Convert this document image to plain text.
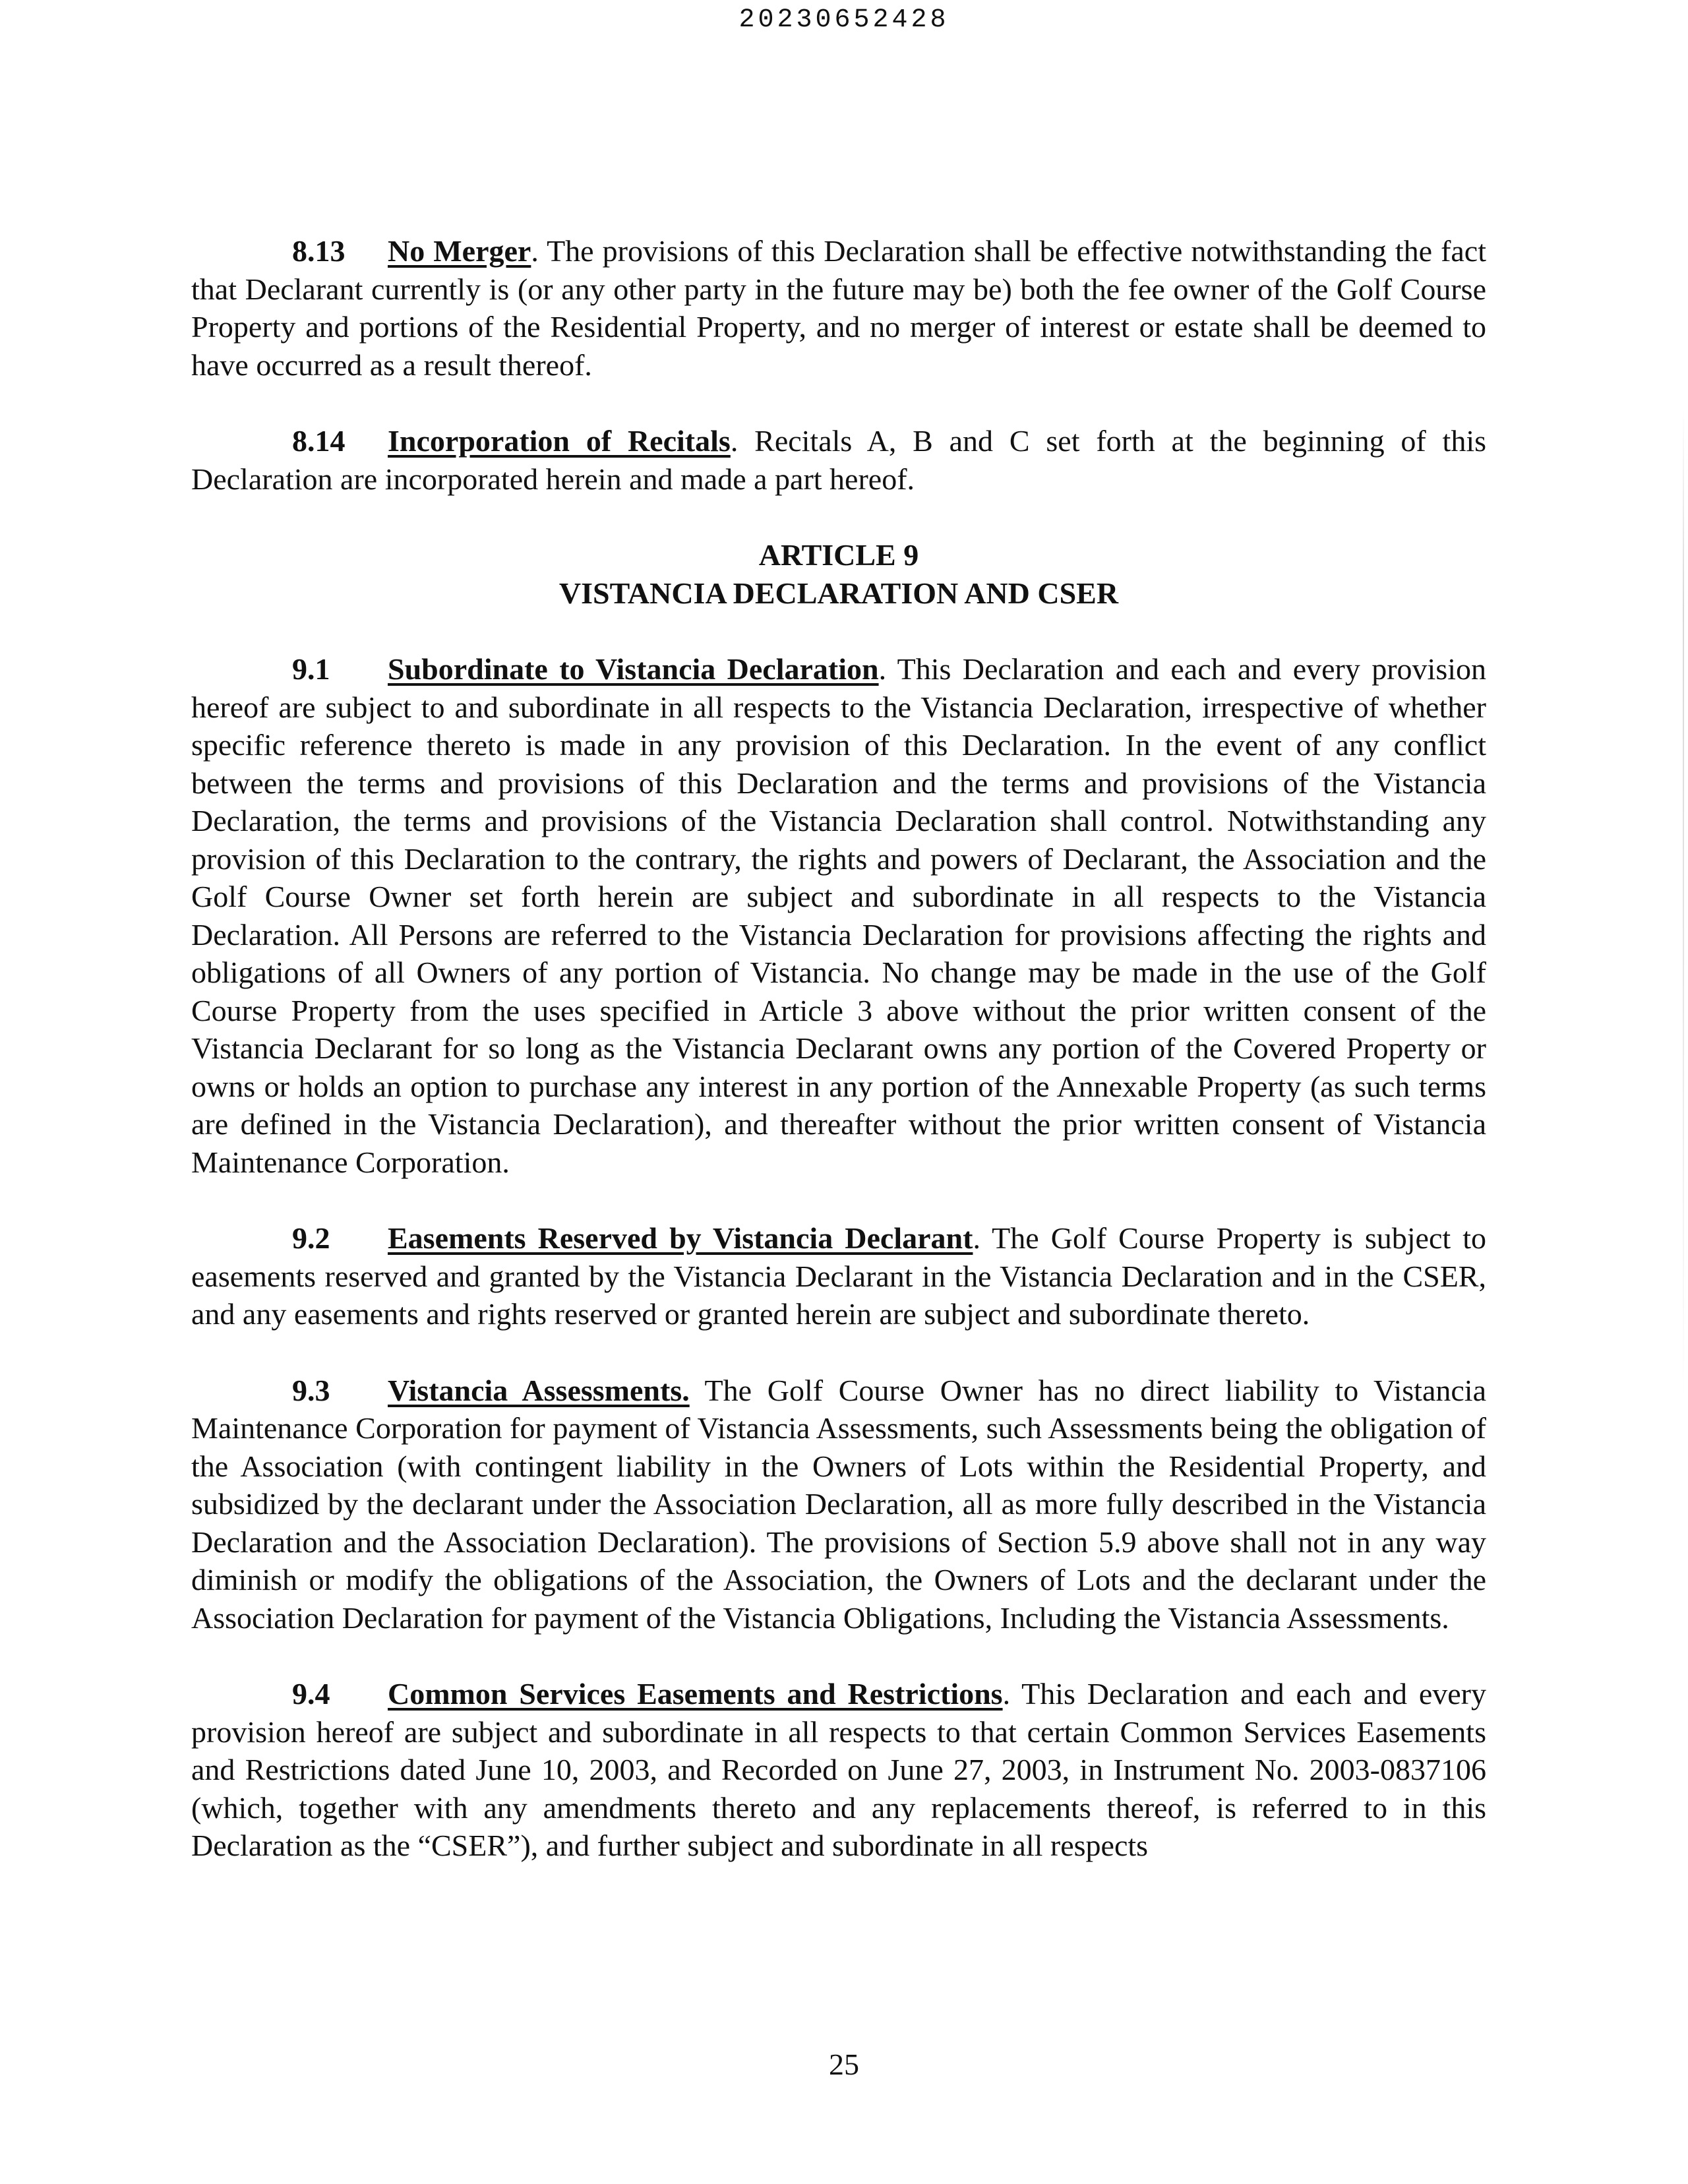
20230652428

8.13 No Merger. The provisions of this Declaration shall be effective notwithstanding the fact that Declarant currently is (or any other party in the future may be) both the fee owner of the Golf Course Property and portions of the Residential Property, and no merger of interest or estate shall be deemed to have occurred as a result thereof.

8.14 Incorporation of Recitals. Recitals A, B and C set forth at the beginning of this Declaration are incorporated herein and made a part hereof.

ARTICLE 9
VISTANCIA DECLARATION AND CSER

9.1 Subordinate to Vistancia Declaration. This Declaration and each and every provision hereof are subject to and subordinate in all respects to the Vistancia Declaration, irrespective of whether specific reference thereto is made in any provision of this Declaration. In the event of any conflict between the terms and provisions of this Declaration and the terms and provisions of the Vistancia Declaration, the terms and provisions of the Vistancia Declaration shall control. Notwithstanding any provision of this Declaration to the contrary, the rights and powers of Declarant, the Association and the Golf Course Owner set forth herein are subject and subordinate in all respects to the Vistancia Declaration. All Persons are referred to the Vistancia Declaration for provisions affecting the rights and obligations of all Owners of any portion of Vistancia. No change may be made in the use of the Golf Course Property from the uses specified in Article 3 above without the prior written consent of the Vistancia Declarant for so long as the Vistancia Declarant owns any portion of the Covered Property or owns or holds an option to purchase any interest in any portion of the Annexable Property (as such terms are defined in the Vistancia Declaration), and thereafter without the prior written consent of Vistancia Maintenance Corporation.

9.2 Easements Reserved by Vistancia Declarant. The Golf Course Property is subject to easements reserved and granted by the Vistancia Declarant in the Vistancia Declaration and in the CSER, and any easements and rights reserved or granted herein are subject and subordinate thereto.

9.3 Vistancia Assessments. The Golf Course Owner has no direct liability to Vistancia Maintenance Corporation for payment of Vistancia Assessments, such Assessments being the obligation of the Association (with contingent liability in the Owners of Lots within the Residential Property, and subsidized by the declarant under the Association Declaration, all as more fully described in the Vistancia Declaration and the Association Declaration). The provisions of Section 5.9 above shall not in any way diminish or modify the obligations of the Association, the Owners of Lots and the declarant under the Association Declaration for payment of the Vistancia Obligations, Including the Vistancia Assessments.

9.4 Common Services Easements and Restrictions. This Declaration and each and every provision hereof are subject and subordinate in all respects to that certain Common Services Easements and Restrictions dated June 10, 2003, and Recorded on June 27, 2003, in Instrument No. 2003-0837106 (which, together with any amendments thereto and any replacements thereof, is referred to in this Declaration as the “CSER”), and further subject and subordinate in all respects

25
